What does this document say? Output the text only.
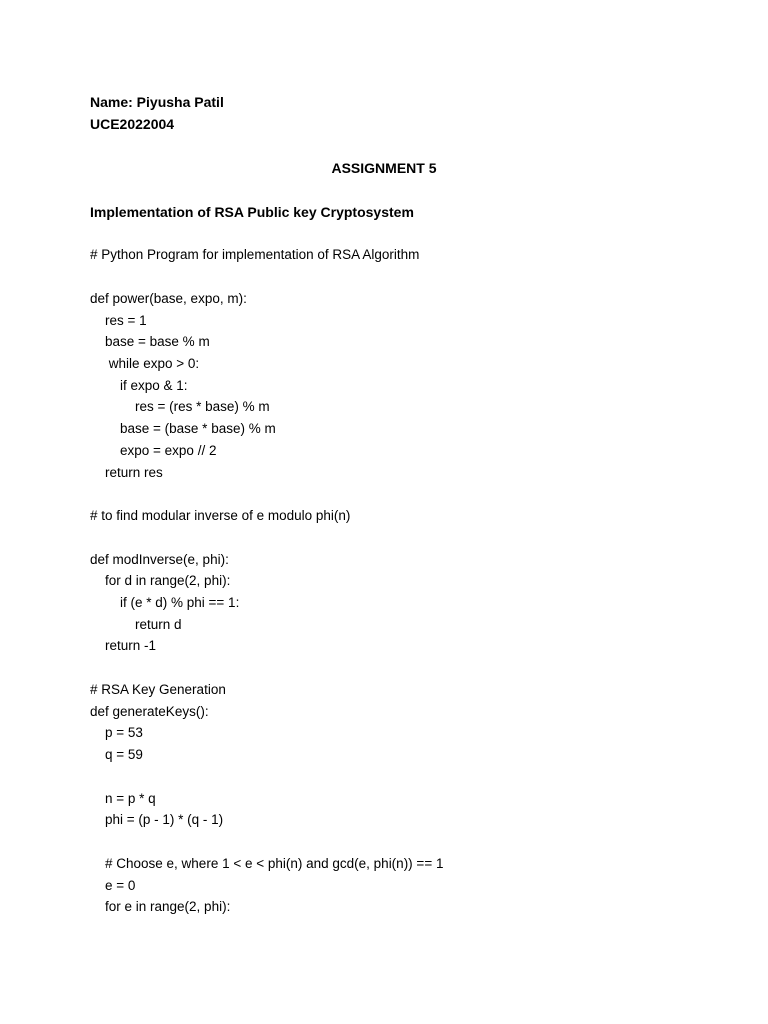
Name: Piyusha Patil
UCE2022004
ASSIGNMENT 5
Implementation of RSA Public key Cryptosystem
# Python Program for implementation of RSA Algorithm
def power(base, expo, m):
res = 1
base = base % m
while expo > 0:
if expo & 1:
res = (res * base) % m
base = (base * base) % m
expo = expo // 2
return res
# to find modular inverse of e modulo phi(n)
def modInverse(e, phi):
for d in range(2, phi):
if (e * d) % phi == 1:
return d
return -1
# RSA Key Generation
def generateKeys():
p = 53
q = 59
n = p * q
phi = (p - 1) * (q - 1)
# Choose e, where 1 < e < phi(n) and gcd(e, phi(n)) == 1
e = 0
for e in range(2, phi):
